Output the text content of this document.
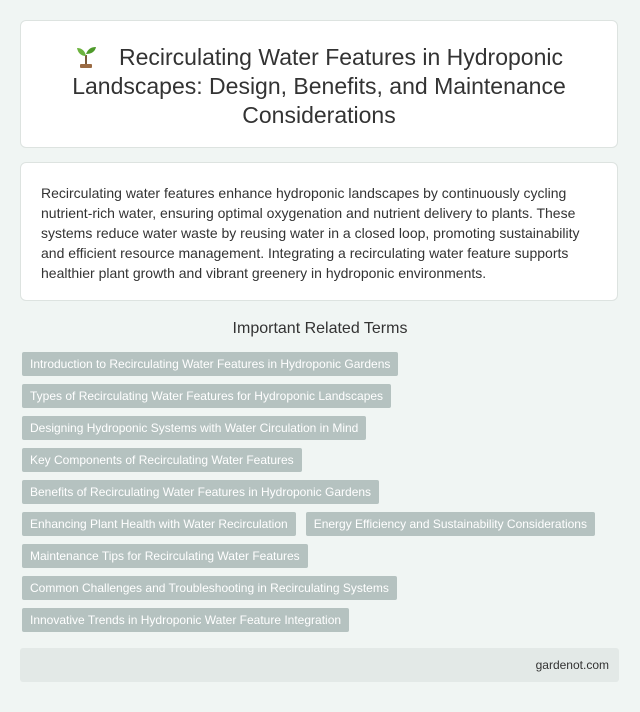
Recirculating Water Features in Hydroponic Landscapes: Design, Benefits, and Maintenance Considerations

Recirculating water features enhance hydroponic landscapes by continuously cycling nutrient-rich water, ensuring optimal oxygenation and nutrient delivery to plants. These systems reduce water waste by reusing water in a closed loop, promoting sustainability and efficient resource management. Integrating a recirculating water feature supports healthier plant growth and vibrant greenery in hydroponic environments.

Important Related Terms
Introduction to Recirculating Water Features in Hydroponic Gardens
Types of Recirculating Water Features for Hydroponic Landscapes
Designing Hydroponic Systems with Water Circulation in Mind
Key Components of Recirculating Water Features
Benefits of Recirculating Water Features in Hydroponic Gardens
Enhancing Plant Health with Water Recirculation	Energy Efficiency and Sustainability Considerations
Maintenance Tips for Recirculating Water Features
Common Challenges and Troubleshooting in Recirculating Systems
Innovative Trends in Hydroponic Water Feature Integration
gardenot.com
